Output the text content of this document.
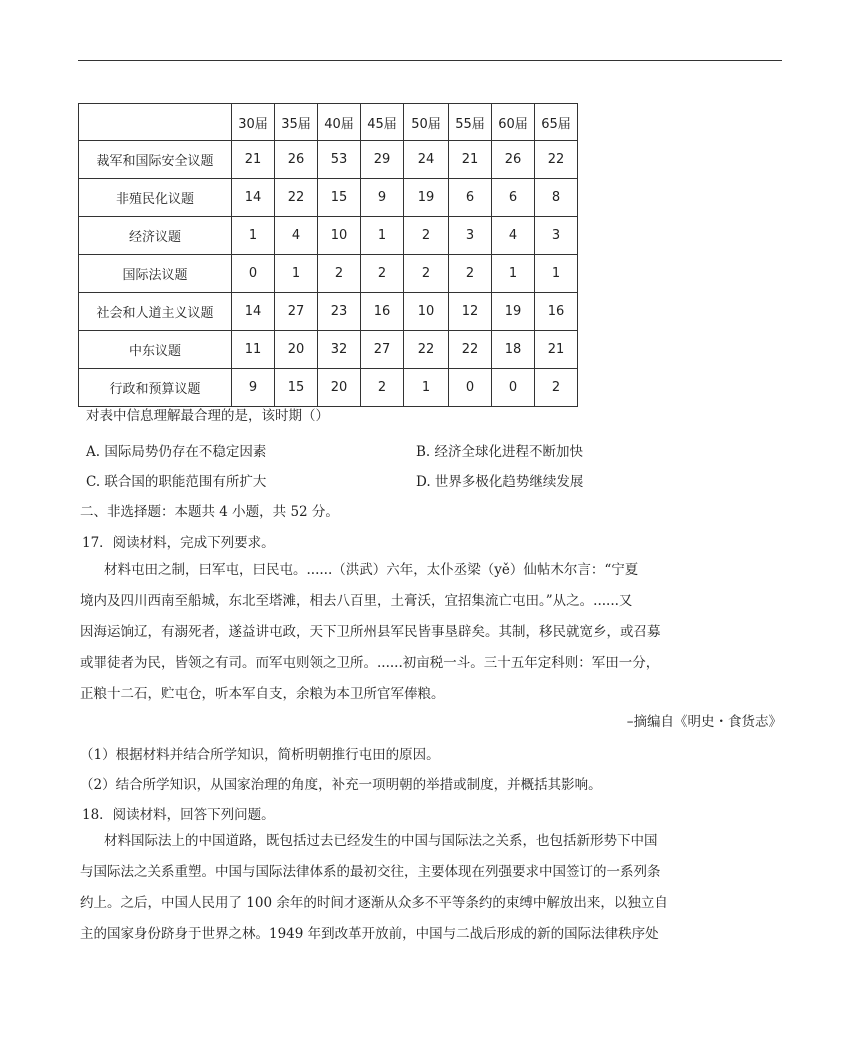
	30届	35届	40届	45届	50届	55届	60届	65届
裁军和国际安全议题	21	26	53	29	24	21	26	22
非殖民化议题	14	22	15	9	19	6	6	8
经济议题	1	4	10	1	2	3	4	3
国际法议题	0	1	2	2	2	2	1	1
社会和人道主义议题	14	27	23	16	10	12	19	16
中东议题	11	20	32	27	22	22	18	21
行政和预算议题	9	15	20	2	1	0	0	2
对表中信息理解最合理的是，该时期（）
A. 国际局势仍存在不稳定因素	B. 经济全球化进程不断加快
C. 联合国的职能范围有所扩大	D. 世界多极化趋势继续发展
二、非选择题：本题共 4 小题，共 52 分。
17．阅读材料，完成下列要求。
材料屯田之制，曰军屯，曰民屯。......（洪武）六年，太仆丞梁（yě）仙帖木尔言：“宁夏
境内及四川西南至船城，东北至塔滩，相去八百里，土膏沃，宜招集流亡屯田。”从之。......又
因海运饷辽，有溺死者，遂益讲屯政，天下卫所州县军民皆事垦辟矣。其制，移民就宽乡，或召募
或罪徒者为民，皆领之有司。而军屯则领之卫所。......初亩税一斗。三十五年定科则：军田一分，
正粮十二石，贮屯仓，听本军自支，余粮为本卫所官军俸粮。
–摘编自《明史・食货志》
（1）根据材料并结合所学知识，简析明朝推行屯田的原因。
（2）结合所学知识，从国家治理的角度，补充一项明朝的举措或制度，并概括其影响。
18．阅读材料，回答下列问题。
材料国际法上的中国道路，既包括过去已经发生的中国与国际法之关系，也包括新形势下中国
与国际法之关系重塑。中国与国际法律体系的最初交往，主要体现在列强要求中国签订的一系列条
约上。之后，中国人民用了 100 余年的时间才逐渐从众多不平等条约的束缚中解放出来，以独立自
主的国家身份跻身于世界之林。1949 年到改革开放前，中国与二战后形成的新的国际法律秩序处
